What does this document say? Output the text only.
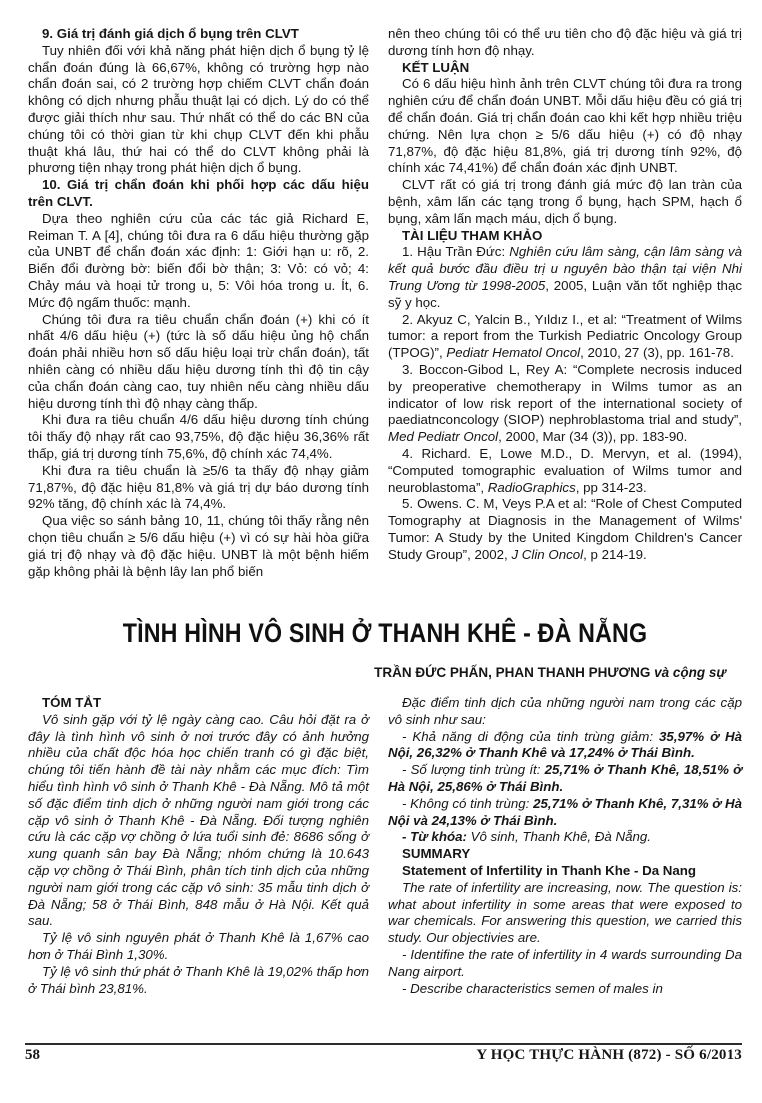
9. Giá trị đánh giá dịch ổ bụng trên CLVT

Tuy nhiên đối với khả năng phát hiện dịch ổ bụng tỷ lệ chẩn đoán đúng là 66,67%, không có trường hợp nào chẩn đoán sai, có 2 trường hợp chiếm CLVT chẩn đoán không có dịch nhưng phẫu thuật lại có dịch. Lý do có thể được giải thích như sau. Thứ nhất có thể do các BN của chúng tôi có thời gian từ khi chụp CLVT đến khi phẫu thuật khá lâu, thứ hai có thể do CLVT không phải là phương tiện nhạy trong phát hiện dịch ổ bụng.

10. Giá trị chẩn đoán khi phối hợp các dấu hiệu trên CLVT.

Dựa theo nghiên cứu của các tác giả Richard E, Reiman T. A [4], chúng tôi đưa ra 6 dấu hiệu thường gặp của UNBT để chẩn đoán xác định: 1: Giới hạn u: rõ, 2. Biến đổi đường bờ: biến đổi bờ thận; 3: Vỏ: có vỏ; 4: Chảy máu và hoại tử trong u, 5: Vôi hóa trong u. Ít, 6. Mức độ ngấm thuốc: mạnh.

Chúng tôi đưa ra tiêu chuẩn chẩn đoán (+) khi có ít nhất 4/6 dấu hiệu (+) (tức là số dấu hiệu ủng hộ chẩn đoán phải nhiều hơn số dấu hiệu loại trừ chẩn đoán), tất nhiên càng có nhiều dấu hiệu dương tính thì độ tin cậy của chẩn đoán càng cao, tuy nhiên nếu càng nhiều dấu hiệu dương tính thì độ nhạy càng thấp.

Khi đưa ra tiêu chuẩn 4/6 dấu hiệu dương tính chúng tôi thấy độ nhạy rất cao 93,75%, độ đặc hiệu 36,36% rất thấp, giá trị dương tính 75,6%, độ chính xác 74,4%.

Khi đưa ra tiêu chuẩn là ≥5/6 ta thấy độ nhạy giảm 71,87%, độ đặc hiệu 81,8% và giá trị dự báo dương tính 92% tăng, độ chính xác là 74,4%.

Qua việc so sánh bảng 10, 11, chúng tôi thấy rằng nên chọn tiêu chuẩn ≥ 5/6 dấu hiệu (+) vì có sự hài hòa giữa giá trị độ nhạy và độ đặc hiệu. UNBT là một bệnh hiếm gặp không phải là bệnh lây lan phổ biến

nên theo chúng tôi có thể ưu tiên cho độ đặc hiệu và giá trị dương tính hơn độ nhạy.

KẾT LUẬN

Có 6 dấu hiệu hình ảnh trên CLVT chúng tôi đưa ra trong nghiên cứu để chẩn đoán UNBT. Mỗi dấu hiệu đều có giá trị để chẩn đoán. Giá trị chẩn đoán cao khi kết hợp nhiều triệu chứng. Nên lựa chọn ≥ 5/6 dấu hiệu (+) có độ nhạy 71,87%, độ đặc hiệu 81,8%, giá trị dương tính 92%, độ chính xác 74,41%) để chẩn đoán xác định UNBT.

CLVT rất có giá trị trong đánh giá mức độ lan tràn của bệnh, xâm lấn các tạng trong ổ bụng, hạch SPM, hạch ổ bụng, xâm lấn mạch máu, dịch ổ bụng.

TÀI LIỆU THAM KHẢO

1. Hậu Trần Đức: Nghiên cứu lâm sàng, cận lâm sàng và kết quả bước đầu điều trị u nguyên bào thận tại viện Nhi Trung Ương từ 1998-2005, 2005, Luận văn tốt nghiệp thạc sỹ y học.

2. Akyuz C, Yalcin B., Yıldız I., et al: “Treatment of Wilms tumor: a report from the Turkish Pediatric Oncology Group (TPOG)”, Pediatr Hematol Oncol, 2010, 27 (3), pp. 161-78.

3. Boccon-Gibod L, Rey A: “Complete necrosis induced by preoperative chemotherapy in Wilms tumor as an indicator of low risk report of the international society of paediatnconcology (SIOP) nephroblastoma trial and study”, Med Pediatr Oncol, 2000, Mar (34 (3)), pp. 183-90.

4. Richard. E, Lowe M.D., D. Mervyn, et al. (1994), “Computed tomographic evaluation of Wilms tumor and neuroblastoma”, RadioGraphics, pp 314-23.

5. Owens. C. M, Veys P.A et al: “Role of Chest Computed Tomography at Diagnosis in the Management of Wilms' Tumor: A Study by the United Kingdom Children's Cancer Study Group”, 2002, J Clin Oncol, p 214-19.

TÌNH HÌNH VÔ SINH Ở THANH KHÊ - ĐÀ NẴNG
TRẦN ĐỨC PHẤN, PHAN THANH PHƯƠNG và cộng sự

TÓM TẮT

Vô sinh gặp với tỷ lệ ngày càng cao. Câu hỏi đặt ra ở đây là tình hình vô sinh ở nơi trước đây có ảnh hưởng nhiều của chất độc hóa học chiến tranh có gì đặc biệt, chúng tôi tiến hành đề tài này nhằm các mục đích: Tìm hiểu tình hình vô sinh ở Thanh Khê - Đà Nẵng. Mô tả một số đặc điểm tinh dịch ở những người nam giới trong các cặp vô sinh ở Thanh Khê - Đà Nẵng. Đối tượng nghiên cứu là các cặp vợ chồng ở lứa tuổi sinh đẻ: 8686 sống ở xung quanh sân bay Đà Nẵng; nhóm chứng là 10.643 cặp vợ chồng ở Thái Bình, phân tích tinh dịch của những người nam giới trong các cặp vô sinh: 35 mẫu tinh dịch ở Đà Nẵng; 58 ở Thái Bình, 848 mẫu ở Hà Nội. Kết quả sau.

Tỷ lệ vô sinh nguyên phát ở Thanh Khê là 1,67% cao hơn ở Thái Bình 1,30%.

Tỷ lệ vô sinh thứ phát ở Thanh Khê là 19,02% thấp hơn ở Thái bình 23,81%.

Đặc điểm tinh dịch của những người nam trong các cặp vô sinh như sau:

- Khả năng di động của tinh trùng giảm: 35,97% ở Hà Nội, 26,32% ở Thanh Khê và 17,24% ở Thái Bình.

- Số lượng tinh trùng ít: 25,71% ở Thanh Khê, 18,51% ở Hà Nội, 25,86% ở Thái Bình.

- Không có tinh trùng: 25,71% ở Thanh Khê, 7,31% ở Hà Nội và 24,13% ở Thái Bình.

- Từ khóa: Vô sinh, Thanh Khê, Đà Nẵng.

SUMMARY

Statement of Infertility in Thanh Khe - Da Nang

The rate of infertility are increasing, now. The question is: what about infertility in some areas that were exposed to war chemicals. For answering this question, we carried this study. Our objectivies are.

- Identifine the rate of infertility in 4 wards surrounding Da Nang airport.

- Describe characteristics semen of males in

58	Y HỌC THỰC HÀNH (872) - SỐ 6/2013
